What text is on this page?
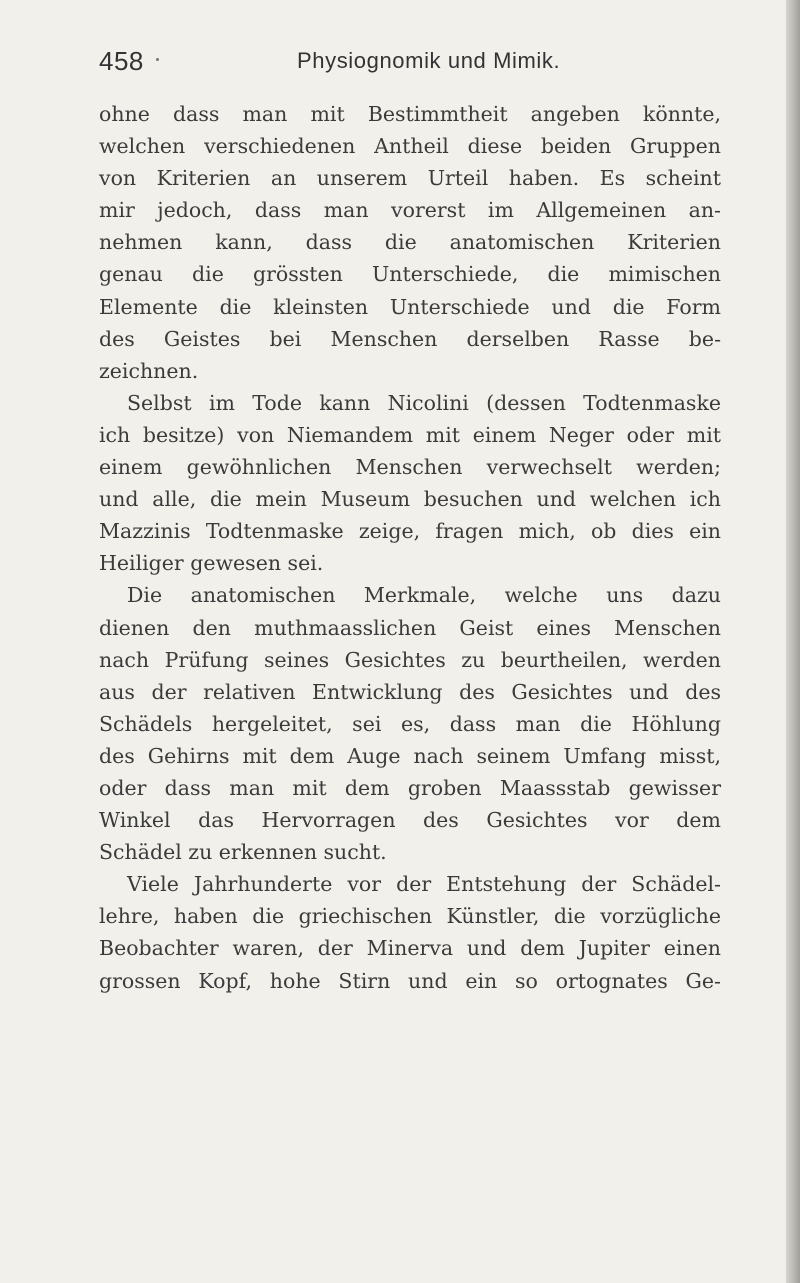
458	Physiognomik und Mimik.
ohne dass man mit Bestimmtheit angeben könnte,
welchen verschiedenen Antheil diese beiden Gruppen
von Kriterien an unserem Urteil haben. Es scheint
mir jedoch, dass man vorerst im Allgemeinen an-
nehmen kann, dass die anatomischen Kriterien
genau die grössten Unterschiede, die mimischen
Elemente die kleinsten Unterschiede und die Form
des Geistes bei Menschen derselben Rasse be-
zeichnen.
Selbst im Tode kann Nicolini (dessen Todtenmaske
ich besitze) von Niemandem mit einem Neger oder mit
einem gewöhnlichen Menschen verwechselt werden;
und alle, die mein Museum besuchen und welchen ich
Mazzinis Todtenmaske zeige, fragen mich, ob dies ein
Heiliger gewesen sei.
Die anatomischen Merkmale, welche uns dazu
dienen den muthmaasslichen Geist eines Menschen
nach Prüfung seines Gesichtes zu beurtheilen, werden
aus der relativen Entwicklung des Gesichtes und des
Schädels hergeleitet, sei es, dass man die Höhlung
des Gehirns mit dem Auge nach seinem Umfang misst,
oder dass man mit dem groben Maassstab gewisser
Winkel das Hervorragen des Gesichtes vor dem
Schädel zu erkennen sucht.
Viele Jahrhunderte vor der Entstehung der Schädel-
lehre, haben die griechischen Künstler, die vorzügliche
Beobachter waren, der Minerva und dem Jupiter einen
grossen Kopf, hohe Stirn und ein so ortognates Ge-
